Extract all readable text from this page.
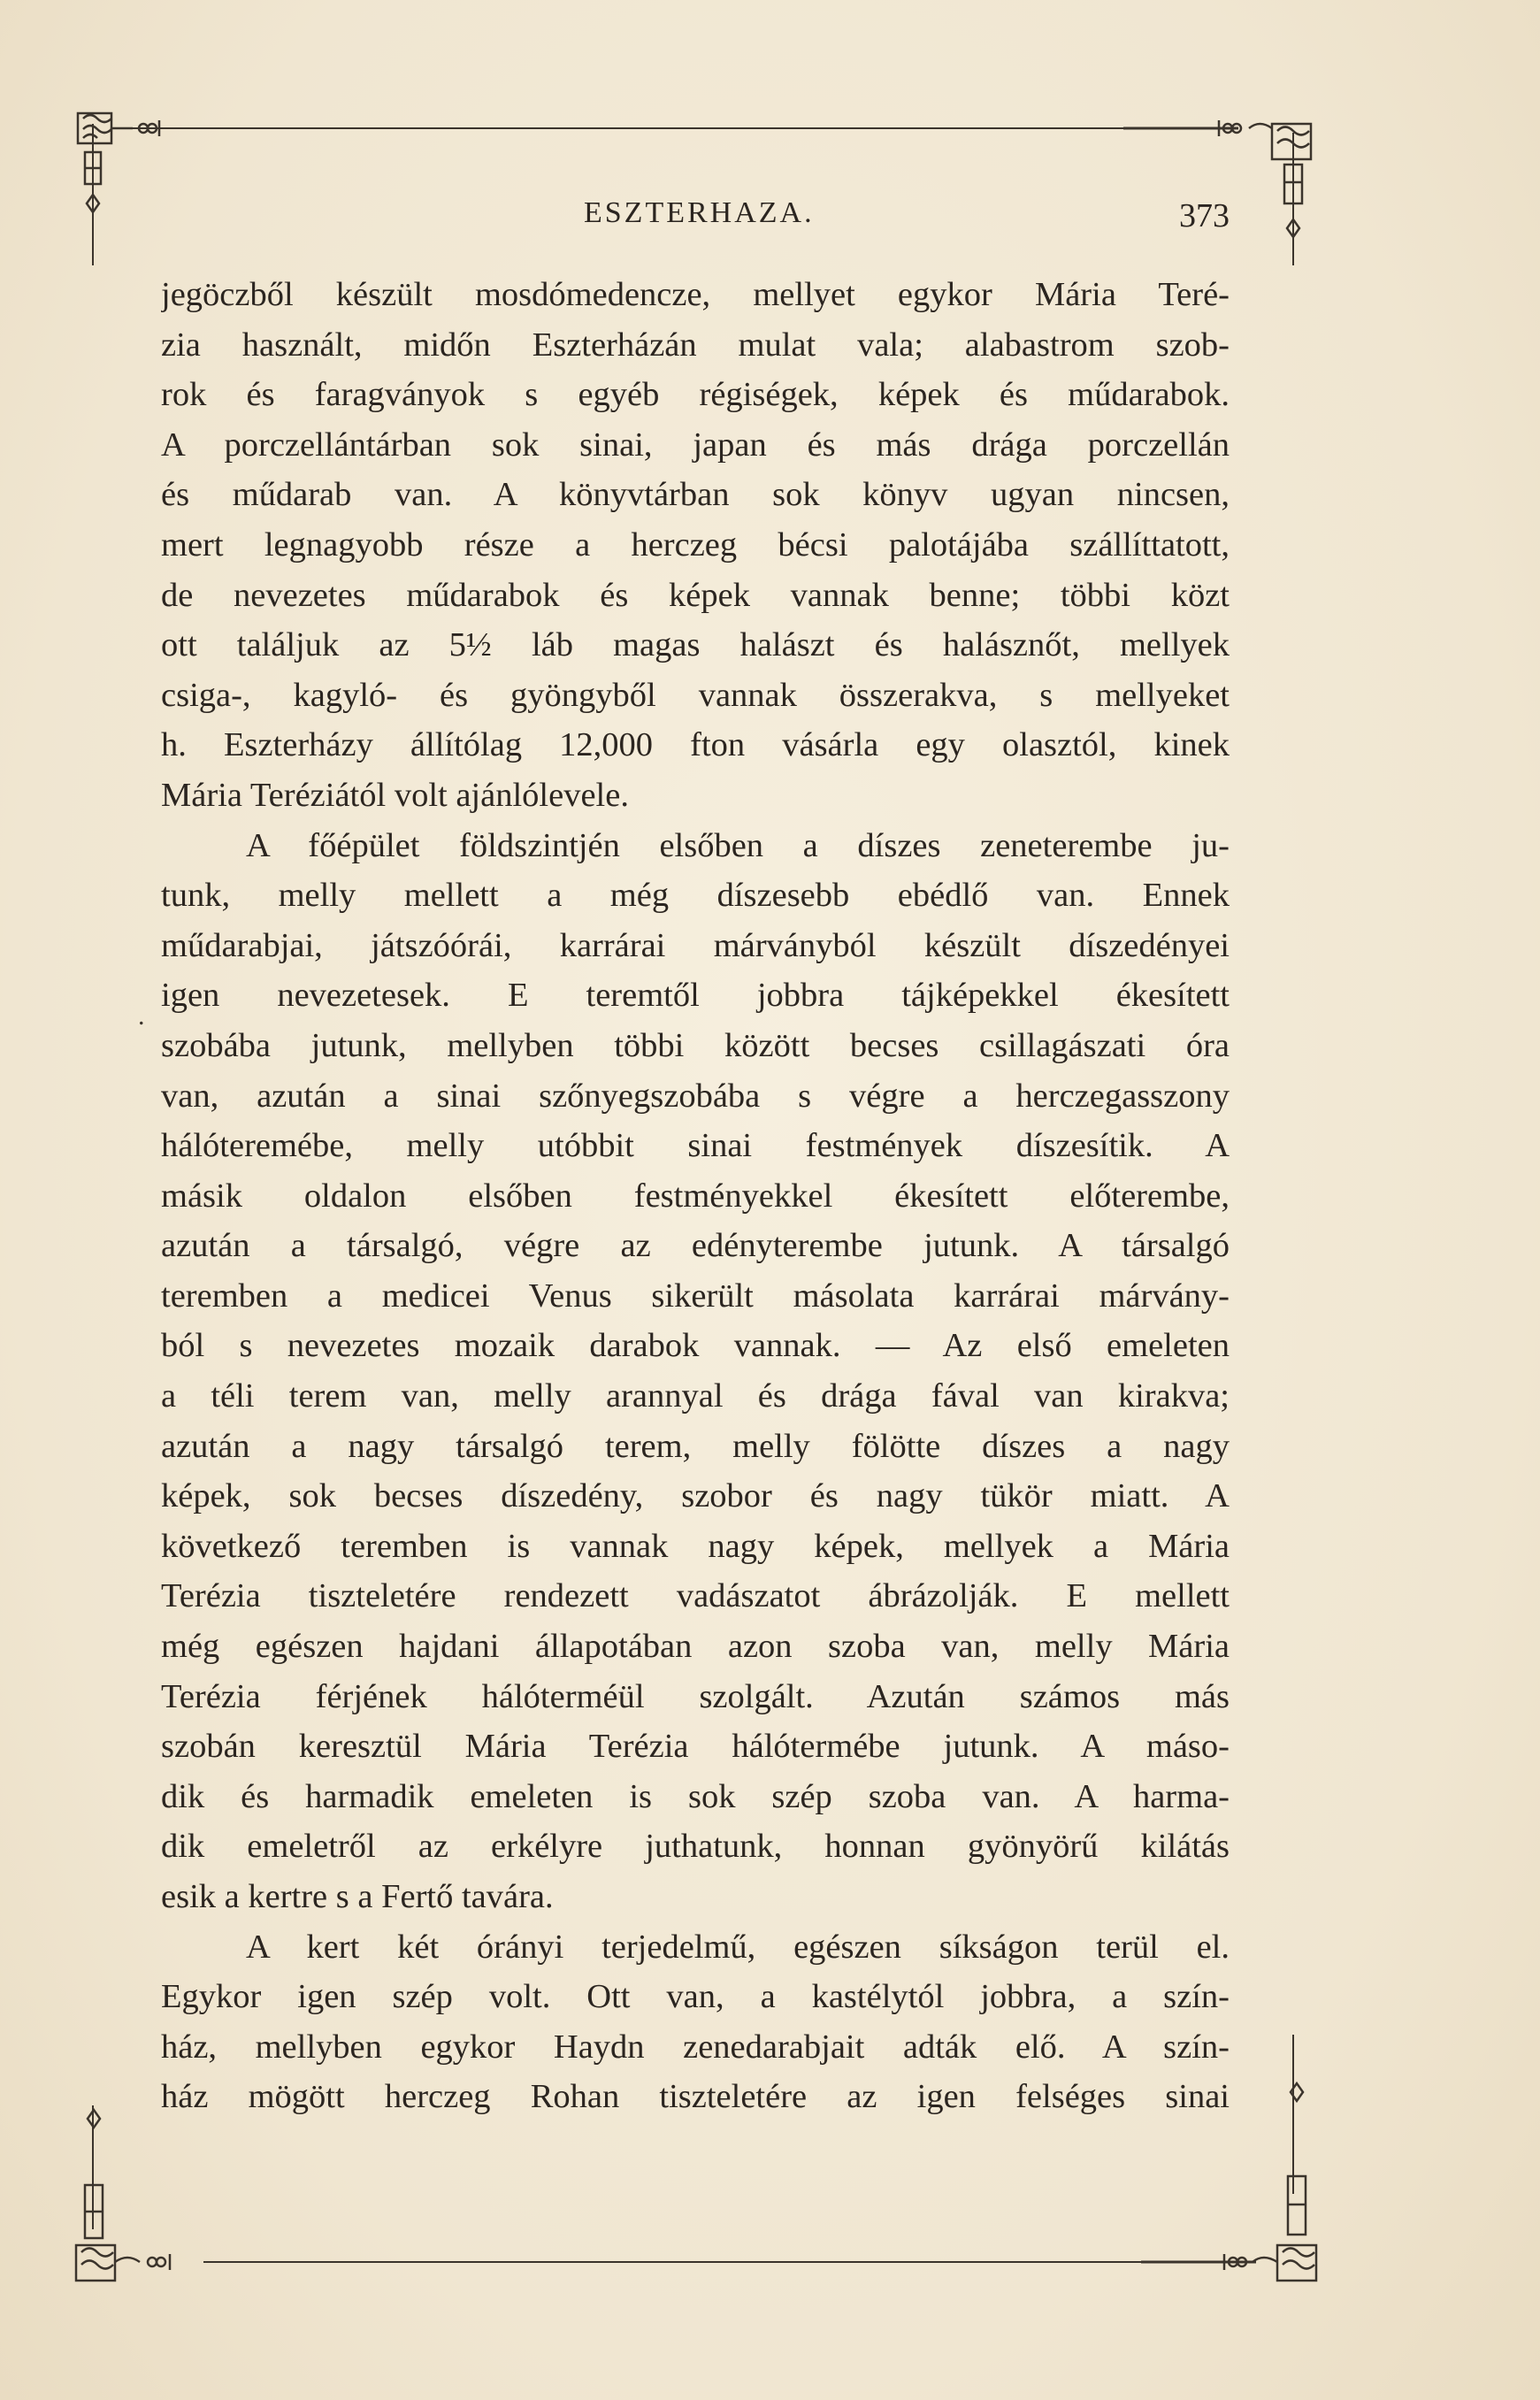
ESZTERHAZA.	373
.
jegöczből készült mosdómedencze, mellyet egykor Mária Teré-
zia használt, midőn Eszterházán mulat vala; alabastrom szob-
rok és faragványok s egyéb régiségek, képek és műdarabok.
A porczellántárban sok sinai, japan és más drága porczellán
és műdarab van. A könyvtárban sok könyv ugyan nincsen,
mert legnagyobb része a herczeg bécsi palotájába szállíttatott,
de nevezetes műdarabok és képek vannak benne; többi közt
ott találjuk az 5½ láb magas halászt és halásznőt, mellyek
csiga-, kagyló- és gyöngyből vannak összerakva, s mellyeket
h. Eszterházy állítólag 12,000 fton vásárla egy olasztól, kinek
Mária Teréziától volt ajánlólevele.
A főépület földszintjén elsőben a díszes zeneterembe ju-
tunk, melly mellett a még díszesebb ebédlő van. Ennek
műdarabjai, játszóórái, karrárai márványból készült díszedényei
igen nevezetesek. E teremtől jobbra tájképekkel ékesített
szobába jutunk, mellyben többi között becses csillagászati óra
van, azután a sinai szőnyegszobába s végre a herczegasszony
hálóteremébe, melly utóbbit sinai festmények díszesítik. A
másik oldalon elsőben festményekkel ékesített előterembe,
azután a társalgó, végre az edényterembe jutunk. A társalgó
teremben a medicei Venus sikerült másolata karrárai márvány-
ból s nevezetes mozaik darabok vannak. — Az első emeleten
a téli terem van, melly arannyal és drága fával van kirakva;
azután a nagy társalgó terem, melly fölötte díszes a nagy
képek, sok becses díszedény, szobor és nagy tükör miatt. A
következő teremben is vannak nagy képek, mellyek a Mária
Terézia tiszteletére rendezett vadászatot ábrázolják. E mellett
még egészen hajdani állapotában azon szoba van, melly Mária
Terézia férjének hálóterméül szolgált. Azután számos más
szobán keresztül Mária Terézia hálótermébe jutunk. A máso-
dik és harmadik emeleten is sok szép szoba van. A harma-
dik emeletről az erkélyre juthatunk, honnan gyönyörű kilátás
esik a kertre s a Fertő tavára.
A kert két órányi terjedelmű, egészen síkságon terül el.
Egykor igen szép volt. Ott van, a kastélytól jobbra, a szín-
ház, mellyben egykor Haydn zenedarabjait adták elő. A szín-
ház mögött herczeg Rohan tiszteletére az igen felséges sinai
